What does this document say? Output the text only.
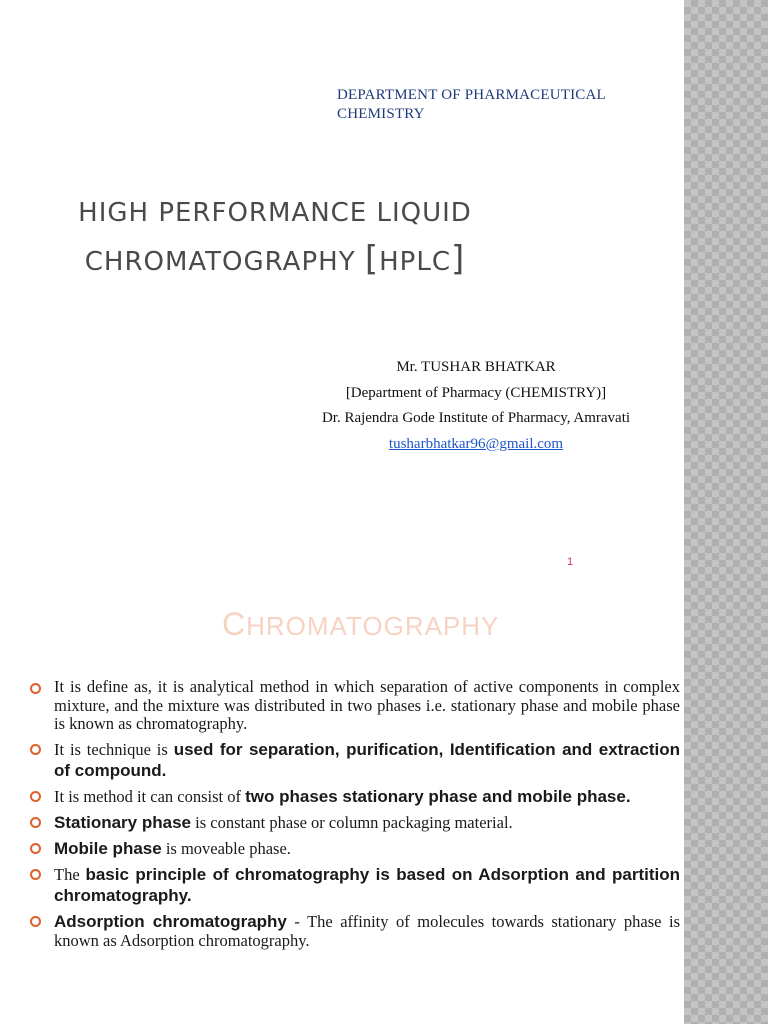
DEPARTMENT OF PHARMACEUTICAL CHEMISTRY
HIGH PERFORMANCE LIQUID
CHROMATOGRAPHY [HPLC]
Mr. TUSHAR BHATKAR
[Department of Pharmacy (CHEMISTRY)]
Dr. Rajendra Gode Institute of Pharmacy, Amravati
tusharbhatkar96@gmail.com
1
CHROMATOGRAPHY
It is define as, it is analytical method in which separation of active components in complex mixture, and the mixture was distributed in two phases i.e. stationary phase and mobile phase is known as chromatography.
It is technique is used for separation, purification, Identification and extraction of compound.
It is method it can consist of two phases stationary phase and mobile phase.
Stationary phase is constant phase or column packaging material.
Mobile phase is moveable phase.
The basic principle of chromatography is based on Adsorption and partition chromatography.
Adsorption chromatography - The affinity of molecules towards stationary phase is known as Adsorption chromatography.
